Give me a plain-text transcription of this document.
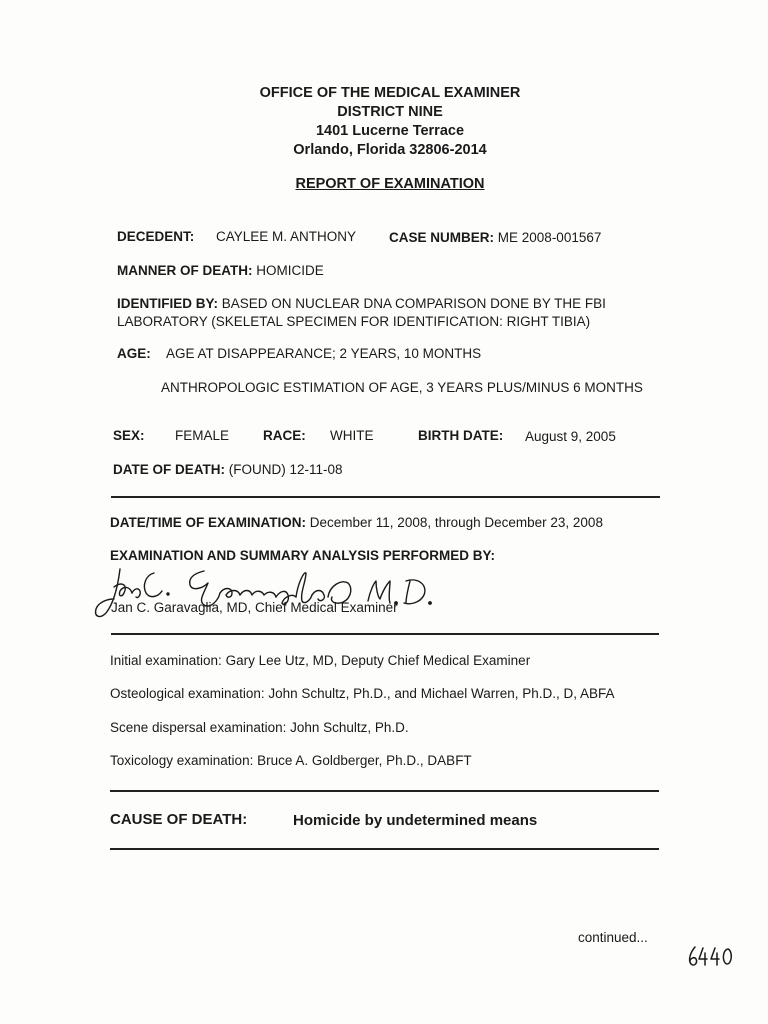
OFFICE OF THE MEDICAL EXAMINER
DISTRICT NINE
1401 Lucerne Terrace
Orlando, Florida 32806-2014
REPORT OF EXAMINATION
DECEDENT: CAYLEE M. ANTHONY CASE NUMBER: ME 2008-001567
MANNER OF DEATH: HOMICIDE
IDENTIFIED BY: BASED ON NUCLEAR DNA COMPARISON DONE BY THE FBI
LABORATORY (SKELETAL SPECIMEN FOR IDENTIFICATION: RIGHT TIBIA)
AGE: AGE AT DISAPPEARANCE; 2 YEARS, 10 MONTHS
ANTHROPOLOGIC ESTIMATION OF AGE, 3 YEARS PLUS/MINUS 6 MONTHS
SEX: FEMALE	RACE: WHITE	BIRTH DATE: August 9, 2005
DATE OF DEATH: (FOUND) 12-11-08
DATE/TIME OF EXAMINATION: December 11, 2008, through December 23, 2008
EXAMINATION AND SUMMARY ANALYSIS PERFORMED BY:
Jan C. Garavaglia, MD, Chief Medical Examiner
Initial examination: Gary Lee Utz, MD, Deputy Chief Medical Examiner
Osteological examination: John Schultz, Ph.D., and Michael Warren, Ph.D., D, ABFA
Scene dispersal examination: John Schultz, Ph.D.
Toxicology examination: Bruce A. Goldberger, Ph.D., DABFT
CAUSE OF DEATH:	Homicide by undetermined means
continued...
